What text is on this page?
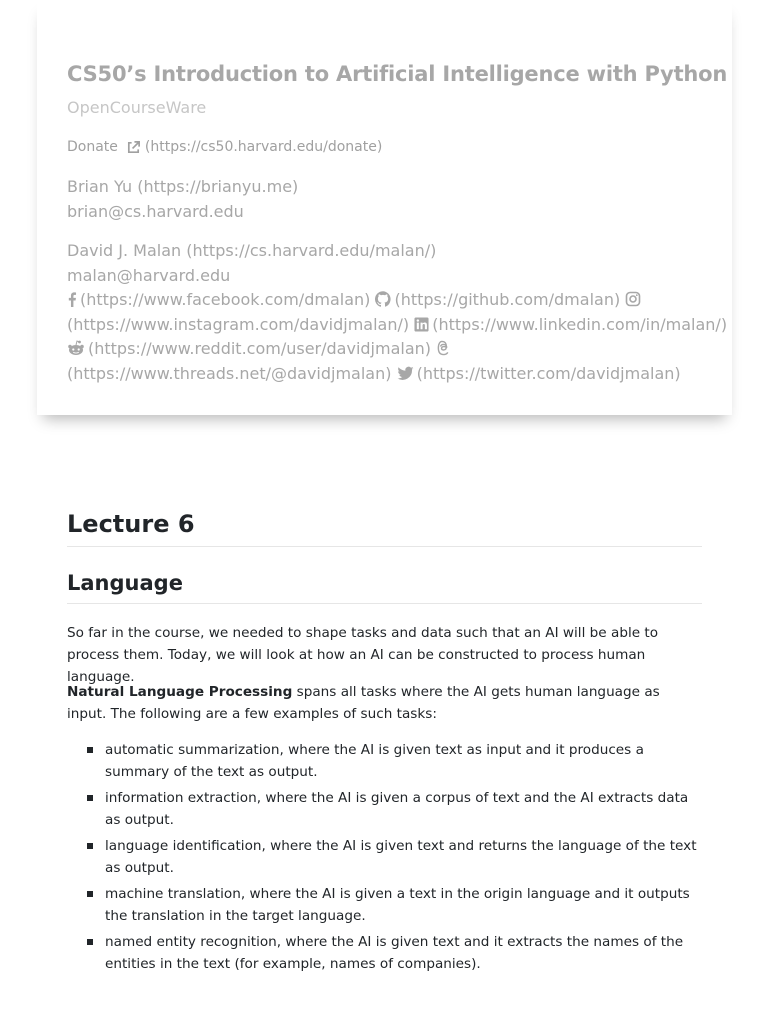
CS50’s Introduction to Artificial Intelligence with Python
OpenCourseWare
Donate (https://cs50.harvard.edu/donate)
Brian Yu (https://brianyu.me)
brian@cs.harvard.edu
David J. Malan (https://cs.harvard.edu/malan/)
malan@harvard.edu
(https://www.facebook.com/dmalan) (https://github.com/dmalan)
(https://www.instagram.com/davidjmalan/) (https://www.linkedin.com/in/malan/)
(https://www.reddit.com/user/davidjmalan)
(https://www.threads.net/@davidjmalan) (https://twitter.com/davidjmalan)
Lecture 6
Language

So far in the course, we needed to shape tasks and data such that an AI will be able to process them. Today, we will look at how an AI can be constructed to process human language.

Natural Language Processing spans all tasks where the AI gets human language as input. The following are a few examples of such tasks:

automatic summarization, where the AI is given text as input and it produces a summary of the text as output.
information extraction, where the AI is given a corpus of text and the AI extracts data as output.
language identification, where the AI is given text and returns the language of the text as output.
machine translation, where the AI is given a text in the origin language and it outputs the translation in the target language.
named entity recognition, where the AI is given text and it extracts the names of the entities in the text (for example, names of companies).
